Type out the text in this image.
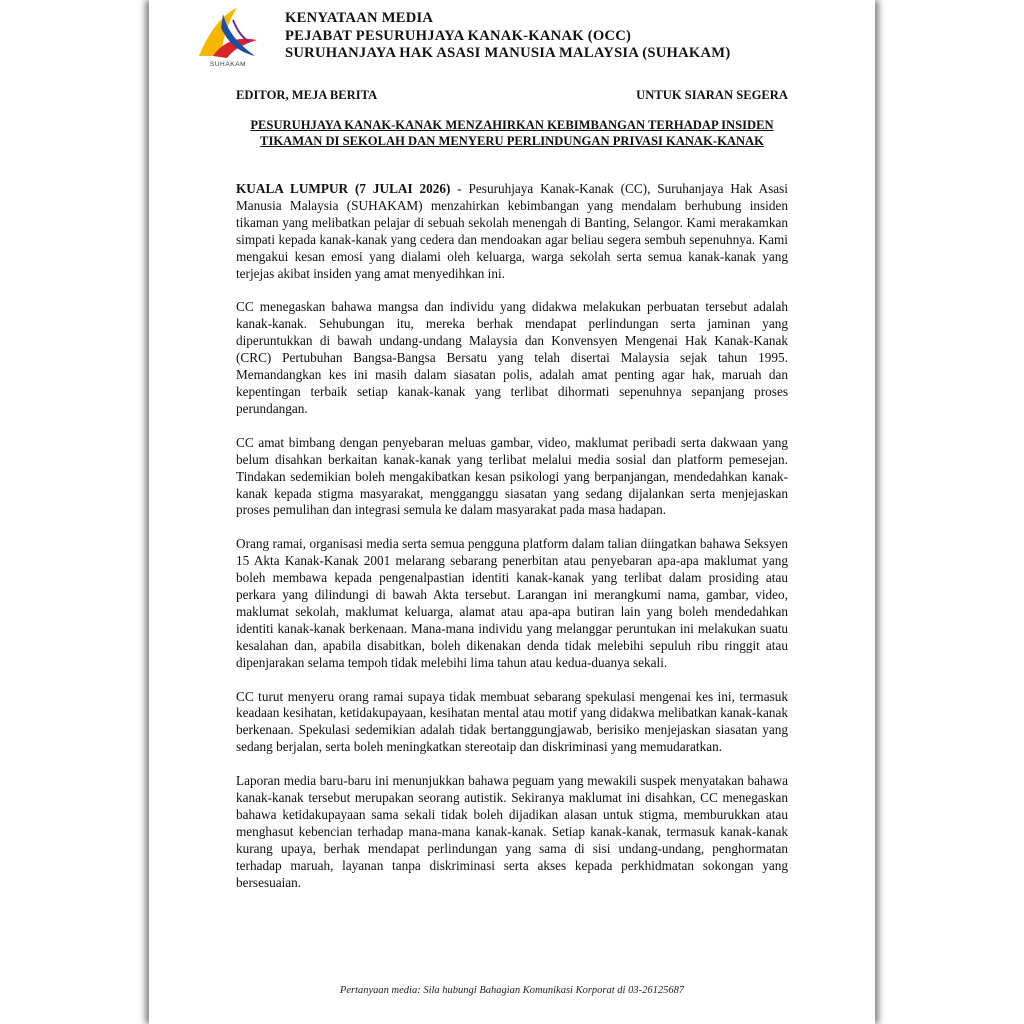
SUHAKAM
KENYATAAN MEDIA
PEJABAT PESURUHJAYA KANAK-KANAK (OCC)
SURUHANJAYA HAK ASASI MANUSIA MALAYSIA (SUHAKAM)
EDITOR, MEJA BERITA	UNTUK SIARAN SEGERA
PESURUHJAYA KANAK-KANAK MENZAHIRKAN KEBIMBANGAN TERHADAP INSIDEN TIKAMAN DI SEKOLAH DAN MENYERU PERLINDUNGAN PRIVASI KANAK-KANAK

KUALA LUMPUR (7 JULAI 2026) - Pesuruhjaya Kanak-Kanak (CC), Suruhanjaya Hak Asasi Manusia Malaysia (SUHAKAM) menzahirkan kebimbangan yang mendalam berhubung insiden tikaman yang melibatkan pelajar di sebuah sekolah menengah di Banting, Selangor. Kami merakamkan simpati kepada kanak-kanak yang cedera dan mendoakan agar beliau segera sembuh sepenuhnya. Kami mengakui kesan emosi yang dialami oleh keluarga, warga sekolah serta semua kanak-kanak yang terjejas akibat insiden yang amat menyedihkan ini.

CC menegaskan bahawa mangsa dan individu yang didakwa melakukan perbuatan tersebut adalah kanak-kanak. Sehubungan itu, mereka berhak mendapat perlindungan serta jaminan yang diperuntukkan di bawah undang-undang Malaysia dan Konvensyen Mengenai Hak Kanak-Kanak (CRC) Pertubuhan Bangsa-Bangsa Bersatu yang telah disertai Malaysia sejak tahun 1995. Memandangkan kes ini masih dalam siasatan polis, adalah amat penting agar hak, maruah dan kepentingan terbaik setiap kanak-kanak yang terlibat dihormati sepenuhnya sepanjang proses perundangan.

CC amat bimbang dengan penyebaran meluas gambar, video, maklumat peribadi serta dakwaan yang belum disahkan berkaitan kanak-kanak yang terlibat melalui media sosial dan platform pemesejan. Tindakan sedemikian boleh mengakibatkan kesan psikologi yang berpanjangan, mendedahkan kanak-kanak kepada stigma masyarakat, mengganggu siasatan yang sedang dijalankan serta menjejaskan proses pemulihan dan integrasi semula ke dalam masyarakat pada masa hadapan.

Orang ramai, organisasi media serta semua pengguna platform dalam talian diingatkan bahawa Seksyen 15 Akta Kanak-Kanak 2001 melarang sebarang penerbitan atau penyebaran apa-apa maklumat yang boleh membawa kepada pengenalpastian identiti kanak-kanak yang terlibat dalam prosiding atau perkara yang dilindungi di bawah Akta tersebut. Larangan ini merangkumi nama, gambar, video, maklumat sekolah, maklumat keluarga, alamat atau apa-apa butiran lain yang boleh mendedahkan identiti kanak-kanak berkenaan. Mana-mana individu yang melanggar peruntukan ini melakukan suatu kesalahan dan, apabila disabitkan, boleh dikenakan denda tidak melebihi sepuluh ribu ringgit atau dipenjarakan selama tempoh tidak melebihi lima tahun atau kedua-duanya sekali.

CC turut menyeru orang ramai supaya tidak membuat sebarang spekulasi mengenai kes ini, termasuk keadaan kesihatan, ketidakupayaan, kesihatan mental atau motif yang didakwa melibatkan kanak-kanak berkenaan. Spekulasi sedemikian adalah tidak bertanggungjawab, berisiko menjejaskan siasatan yang sedang berjalan, serta boleh meningkatkan stereotaip dan diskriminasi yang memudaratkan.

Laporan media baru-baru ini menunjukkan bahawa peguam yang mewakili suspek menyatakan bahawa kanak-kanak tersebut merupakan seorang autistik. Sekiranya maklumat ini disahkan, CC menegaskan bahawa ketidakupayaan sama sekali tidak boleh dijadikan alasan untuk stigma, memburukkan atau menghasut kebencian terhadap mana-mana kanak-kanak. Setiap kanak-kanak, termasuk kanak-kanak kurang upaya, berhak mendapat perlindungan yang sama di sisi undang-undang, penghormatan terhadap maruah, layanan tanpa diskriminasi serta akses kepada perkhidmatan sokongan yang bersesuaian.

Pertanyaan media: Sila hubungi Bahagian Komunikasi Korporat di 03-26125687
